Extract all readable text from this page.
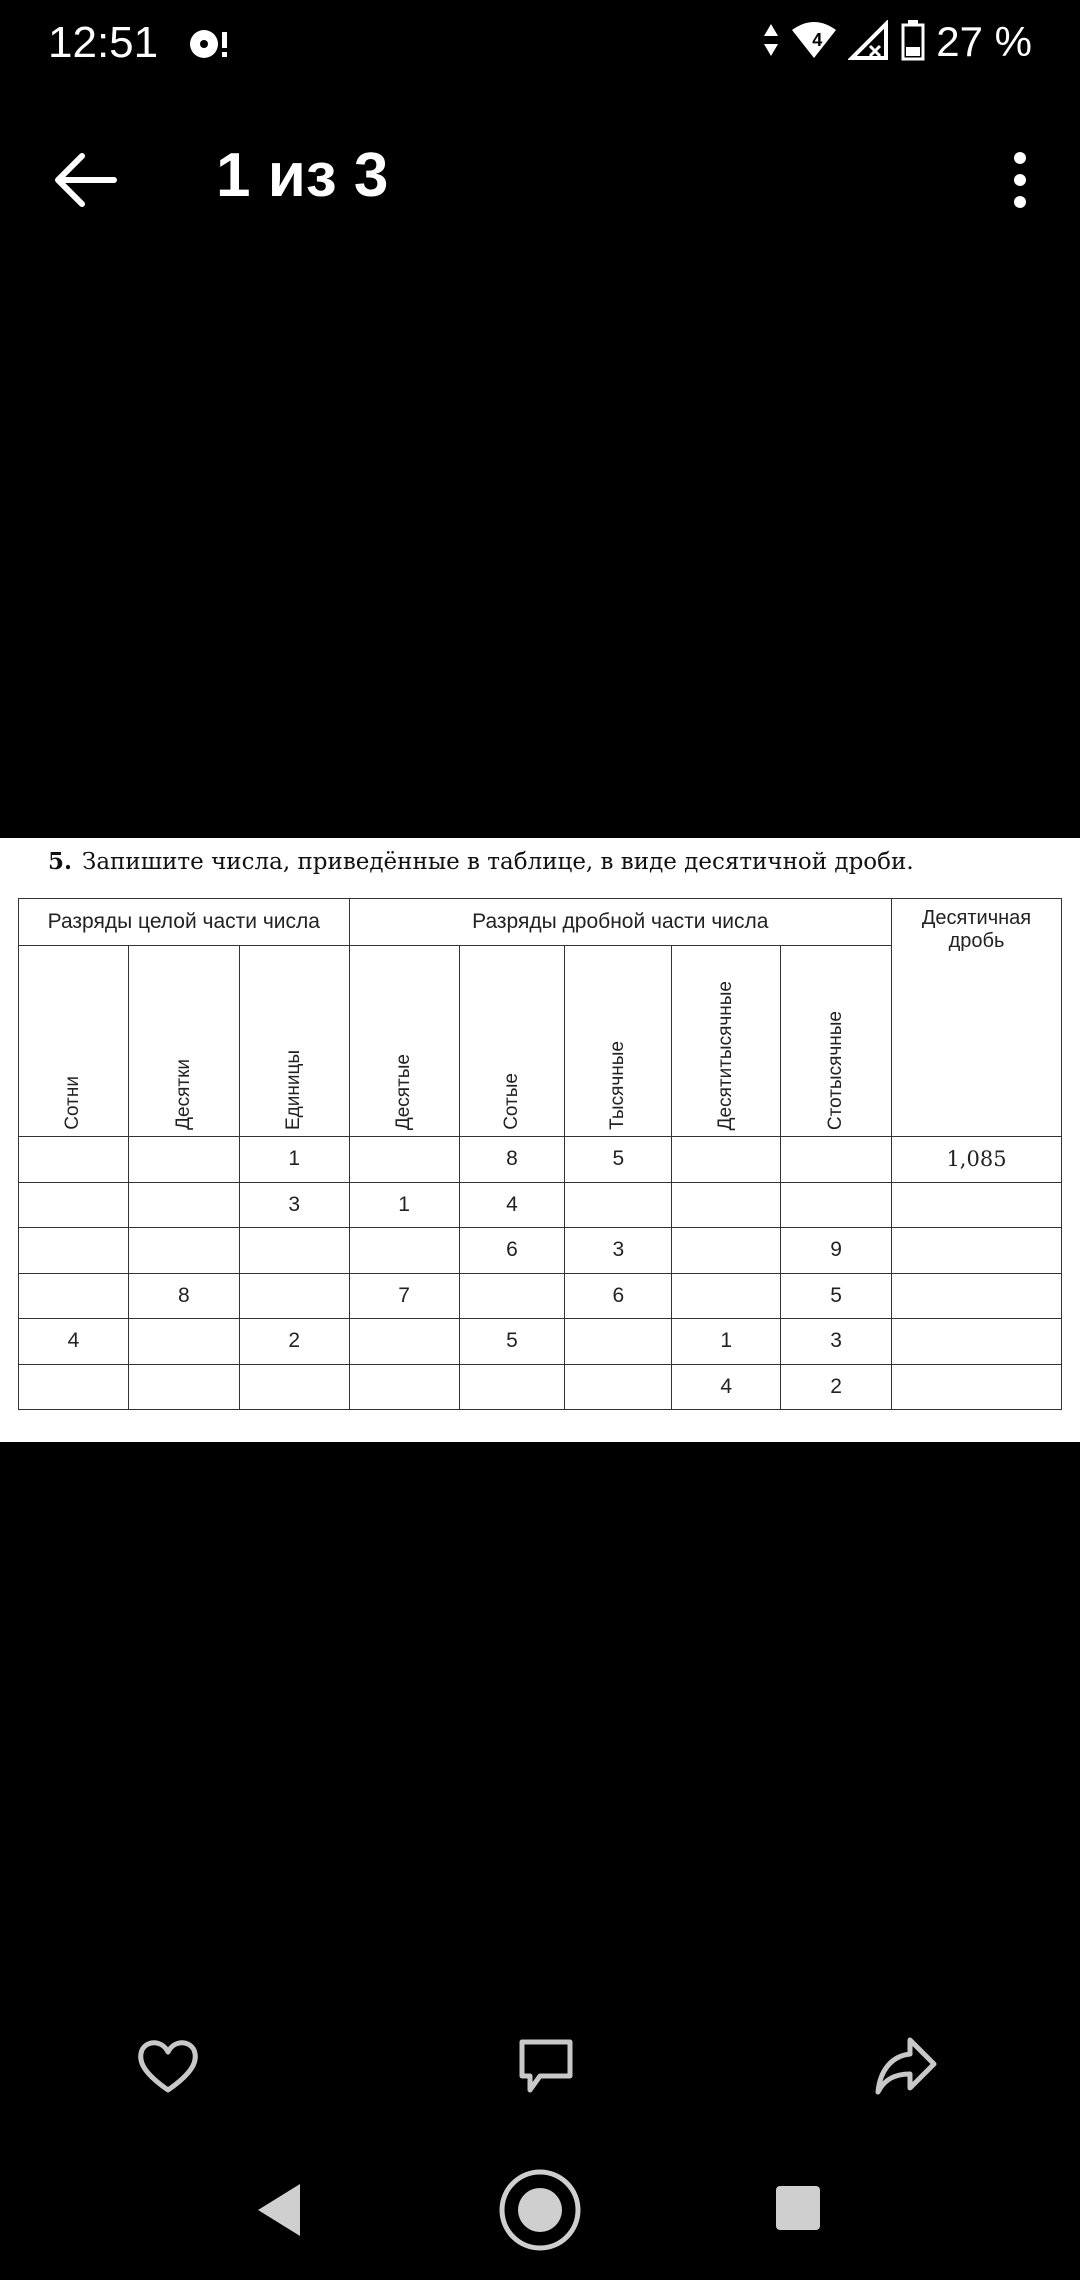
12:51	4	27 %
1 из 3
5. Запишите числа, приведённые в таблице, в виде десятичной дроби.
Разряды целой части числа			Разряды дробной части числа					Десятичная
дробь

Сотни	Десятки	Единицы	Десятые	Сотые	Тысячные	Десятитысячные	Стотысячные	
		1		8	5			1,085
		3	1	4				
				6	3		9	
	8		7		6		5	
4		2		5		1	3	
						4	2	
